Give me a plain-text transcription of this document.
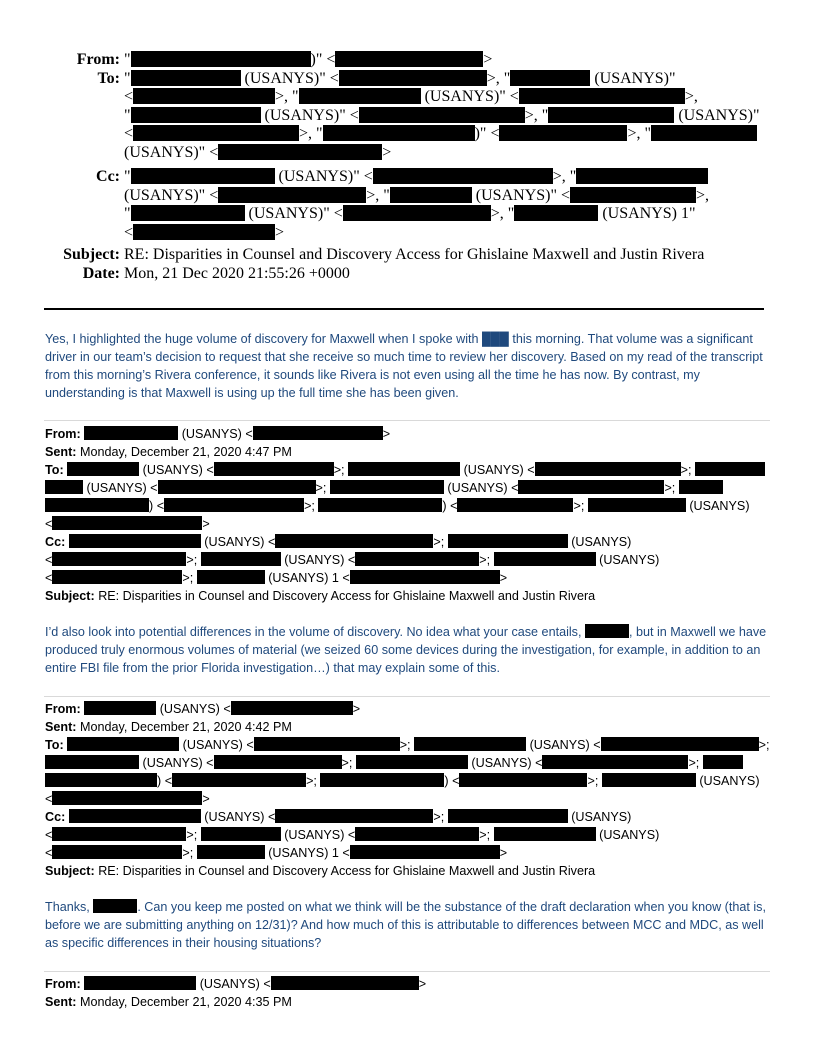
From: "	)" <	>
To: "	(USANYS)" <	>, "	(USANYS)"
<	>, "	(USANYS)" <	>,
"	(USANYS)" <	>, "	(USANYS)"
<	>, "	)" <	>, "
(USANYS)" <	>
Cc: "	(USANYS)" <	>, "
(USANYS)" <	>, "	(USANYS)" <	>,
"	(USANYS)" <	>, "	(USANYS) 1"
<	>
Subject: RE: Disparities in Counsel and Discovery Access for Ghislaine Maxwell and Justin Rivera
Date: Mon, 21 Dec 2020 21:55:26 +0000
Yes, I highlighted the huge volume of discovery for Maxwell when I spoke with ███ this morning. That volume was a significant driver in our team’s decision to request that she receive so much time to review her discovery. Based on my read of the transcript from this morning’s Rivera conference, it sounds like Rivera is not even using all the time he has now. By contrast, my understanding is that Maxwell is using up the full time she has been given.
From:	(USANYS) <	>
Sent: Monday, December 21, 2020 4:47 PM
To:	(USANYS) <	>;	(USANYS) <	>;
(USANYS) <	>;	(USANYS) <	>;
) <	>;	) <	>;	(USANYS)
<	>
Cc:	(USANYS) <	>;	(USANYS)
<	>;	(USANYS) <	>;	(USANYS)
<	>;	(USANYS) 1 <	>
Subject: RE: Disparities in Counsel and Discovery Access for Ghislaine Maxwell and Justin Rivera
I’d also look into potential differences in the volume of discovery. No idea what your case entails,	, but in Maxwell we have produced truly enormous volumes of material (we seized 60 some devices during the investigation, for example, in addition to an entire FBI file from the prior Florida investigation…) that may explain some of this.
From:	(USANYS) <	>
Sent: Monday, December 21, 2020 4:42 PM
To:	(USANYS) <	>;	(USANYS) <	>;
(USANYS) <	>;	(USANYS) <	>;
) <	>;	) <	>;	(USANYS)
<	>
Cc:	(USANYS) <	>;	(USANYS)
<	>;	(USANYS) <	>;	(USANYS)
<	>;	(USANYS) 1 <	>
Subject: RE: Disparities in Counsel and Discovery Access for Ghislaine Maxwell and Justin Rivera
Thanks,	. Can you keep me posted on what we think will be the substance of the draft declaration when you know (that is, before we are submitting anything on 12/31)? And how much of this is attributable to differences between MCC and MDC, as well as specific differences in their housing situations?
From:	(USANYS) <	>
Sent: Monday, December 21, 2020 4:35 PM
